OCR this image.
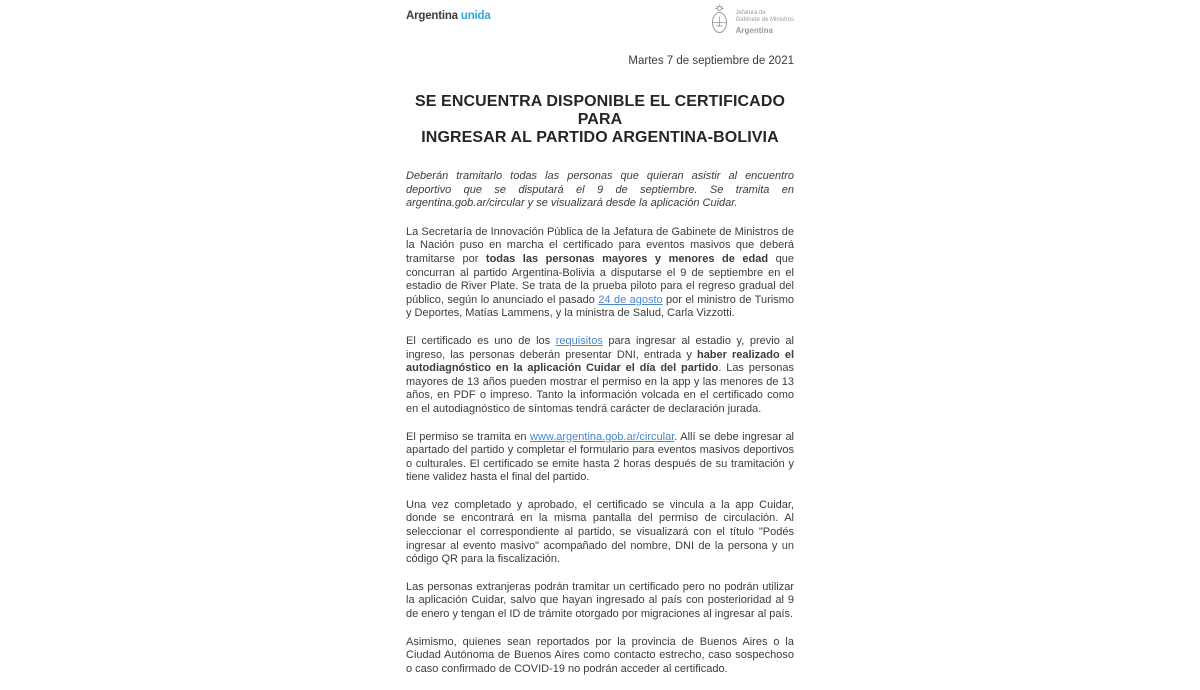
Argentina unida	Jefatura de
Gabinete de Ministros
Argentina
Martes 7 de septiembre de 2021
SE ENCUENTRA DISPONIBLE EL CERTIFICADO PARA
INGRESAR AL PARTIDO ARGENTINA-BOLIVIA

Deberán tramitarlo todas las personas que quieran asistir al encuentro deportivo que se disputará el 9 de septiembre. Se tramita en argentina.gob.ar/circular y se visualizará desde la aplicación Cuidar.

La Secretaría de Innovación Pública de la Jefatura de Gabinete de Ministros de la Nación puso en marcha el certificado para eventos masivos que deberá tramitarse por todas las personas mayores y menores de edad que concurran al partido Argentina-Bolivia a disputarse el 9 de septiembre en el estadio de River Plate. Se trata de la prueba piloto para el regreso gradual del público, según lo anunciado el pasado 24 de agosto por el ministro de Turismo y Deportes, Matías Lammens, y la ministra de Salud, Carla Vizzotti.

El certificado es uno de los requisitos para ingresar al estadio y, previo al ingreso, las personas deberán presentar DNI, entrada y haber realizado el autodiagnóstico en la aplicación Cuidar el día del partido. Las personas mayores de 13 años pueden mostrar el permiso en la app y las menores de 13 años, en PDF o impreso. Tanto la información volcada en el certificado como en el autodiagnóstico de síntomas tendrá carácter de declaración jurada.

El permiso se tramita en www.argentina.gob.ar/circular. Allí se debe ingresar al apartado del partido y completar el formulario para eventos masivos deportivos o culturales. El certificado se emite hasta 2 horas después de su tramitación y tiene validez hasta el final del partido.

Una vez completado y aprobado, el certificado se vincula a la app Cuidar, donde se encontrará en la misma pantalla del permiso de circulación. Al seleccionar el correspondiente al partido, se visualizará con el título "Podés ingresar al evento masivo" acompañado del nombre, DNI de la persona y un código QR para la fiscalización.

Las personas extranjeras podrán tramitar un certificado pero no podrán utilizar la aplicación Cuidar, salvo que hayan ingresado al país con posterioridad al 9 de enero y tengan el ID de trámite otorgado por migraciones al ingresar al país.

Asimismo, quienes sean reportados por la provincia de Buenos Aires o la Ciudad Autónoma de Buenos Aires como contacto estrecho, caso sospechoso o caso confirmado de COVID-19 no podrán acceder al certificado.
